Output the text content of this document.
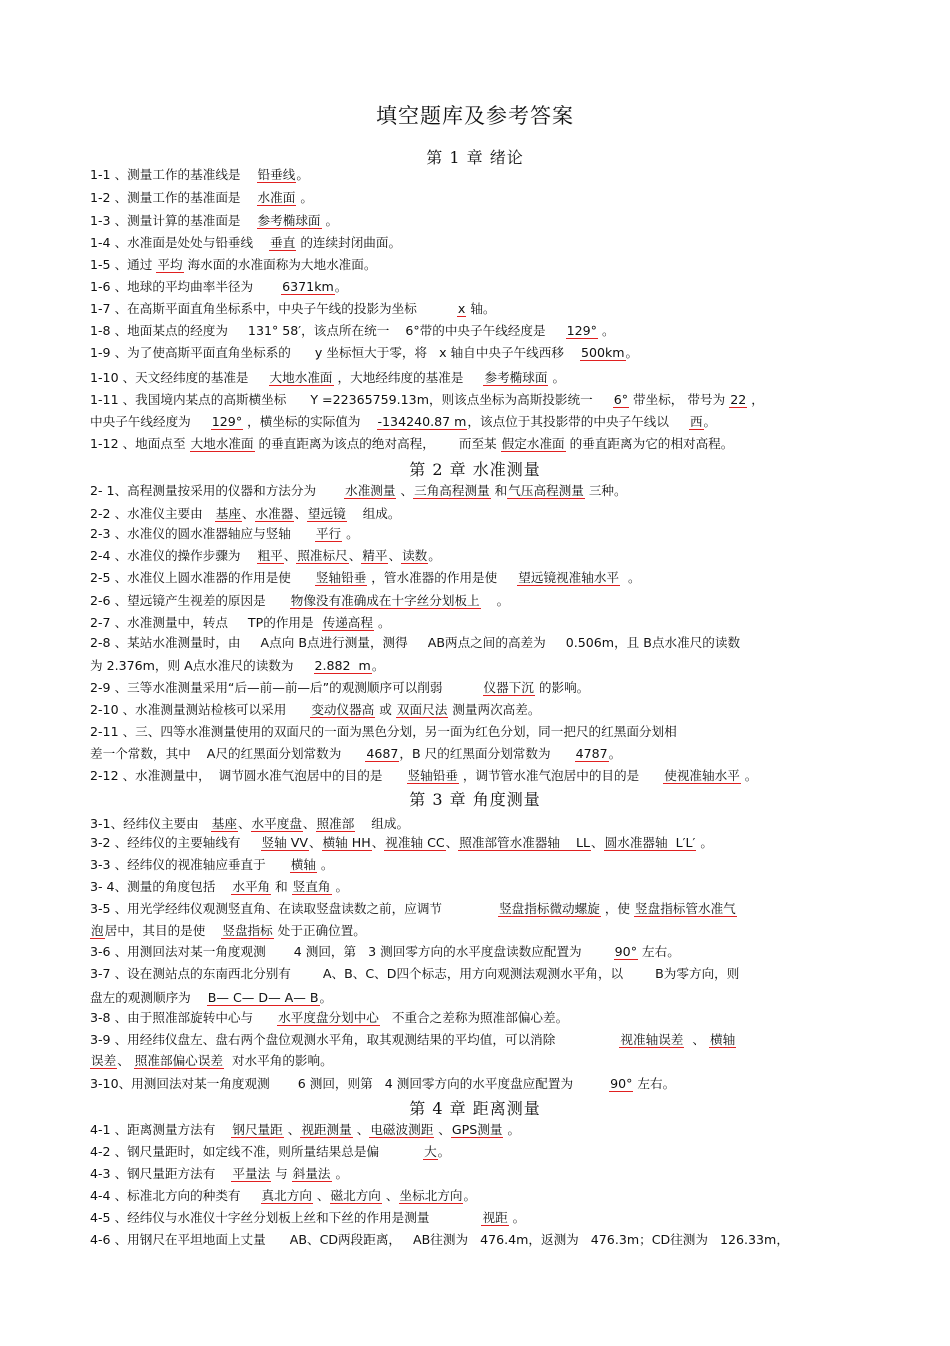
填空题库及参考答案
第 1 章 绪论
第 2 章 水准测量
第 3 章 角度测量
第 4 章 距离测量
1-1 、测量工作的基准线是    铅垂线。
1-2 、测量工作的基准面是    水准面 。
1-3 、测量计算的基准面是    参考椭球面 。
1-4 、水准面是处处与铅垂线    垂直 的连续封闭曲面。
1-5 、通过 平均 海水面的水准面称为大地水准面。
1-6 、地球的平均曲率半径为       6371km。
1-7 、在高斯平面直角坐标系中，中央子午线的投影为坐标          x 轴。
1-8 、地面某点的经度为     131° 58′，该点所在统一    6°带的中央子午线经度是     129° 。
1-9 、为了使高斯平面直角坐标系的      y 坐标恒大于零，将   x 轴自中央子午线西移    500km。
1-10 、天文经纬度的基准是     大地水准面 ，大地经纬度的基准是     参考椭球面 。
1-11 、我国境内某点的高斯横坐标      Y =22365759.13m，则该点坐标为高斯投影统一     6° 带坐标， 带号为 22 ，
中央子午线经度为     129° ，横坐标的实际值为    -134240.87 m，该点位于其投影带的中央子午线以     西。
1-12 、地面点至 大地水准面 的垂直距离为该点的绝对高程，      而至某 假定水准面 的垂直距离为它的相对高程。
2- 1、高程测量按采用的仪器和方法分为       水准测量 、三角高程测量 和气压高程测量 三种。
2-2 、水准仪主要由   基座、水准器、望远镜    组成。
2-3 、水准仪的圆水准器轴应与竖轴      平行 。
2-4 、水准仪的操作步骤为    粗平、照准标尺、精平、读数。
2-5 、水准仪上圆水准器的作用是使      竖轴铅垂 ，管水准器的作用是使     望远镜视准轴水平  。
2-6 、望远镜产生视差的原因是      物像没有准确成在十字丝分划板上    。
2-7 、水准测量中，转点     TP的作用是  传递高程 。
2-8 、某站水准测量时，由     A点向 B点进行测量，测得     AB两点之间的高差为     0.506m，且 B点水准尺的读数
为 2.376m，则 A点水准尺的读数为     2.882  m。
2-9 、三等水准测量采用“后—前—前—后”的观测顺序可以削弱          仪器下沉 的影响。
2-10 、水准测量测站检核可以采用      变动仪器高 或 双面尺法 测量两次高差。
2-11 、三、四等水准测量使用的双面尺的一面为黑色分划，另一面为红色分划，同一把尺的红黑面分划相
差一个常数，其中    A尺的红黑面分划常数为      4687，B 尺的红黑面分划常数为      4787。
2-12 、水准测量中，  调节圆水准气泡居中的目的是      竖轴铅垂 ，调节管水准气泡居中的目的是      使视准轴水平 。
3-1、经纬仪主要由   基座、水平度盘、照准部    组成。
3-2 、经纬仪的主要轴线有     竖轴 VV、横轴 HH、视准轴 CC、照准部管水准器轴    LL、圆水准器轴  L′L′ 。
3-3 、经纬仪的视准轴应垂直于      横轴 。
3- 4、测量的角度包括    水平角 和 竖直角 。
3-5 、用光学经纬仪观测竖直角、在读取竖盘读数之前，应调节              竖盘指标微动螺旋 ，使 竖盘指标管水准气
泡居中，其目的是使    竖盘指标 处于正确位置。
3-6 、用测回法对某一角度观测       4 测回，第   3 测回零方向的水平度盘读数应配置为        90° 左右。
3-7 、设在测站点的东南西北分别有        A、B、C、D四个标志，用方向观测法观测水平角，以        B为零方向，则
盘左的观测顺序为    B— C— D— A— B。
3-8 、由于照准部旋转中心与      水平度盘分划中心   不重合之差称为照准部偏心差。
3-9 、用经纬仪盘左、盘右两个盘位观测水平角，取其观测结果的平均值，可以消除                视准轴误差  、 横轴
误差、 照准部偏心误差  对水平角的影响。
3-10、用测回法对某一角度观测       6 测回，则第   4 测回零方向的水平度盘应配置为         90° 左右。
4-1 、距离测量方法有    钢尺量距 、视距测量 、电磁波测距 、GPS测量 。
4-2 、钢尺量距时，如定线不准，则所量结果总是偏           大。
4-3 、钢尺量距方法有    平量法 与 斜量法 。
4-4 、标准北方向的种类有     真北方向 、磁北方向 、坐标北方向。
4-5 、经纬仪与水准仪十字丝分划板上丝和下丝的作用是测量             视距 。
4-6 、用钢尺在平坦地面上丈量      AB、CD两段距离，   AB往测为   476.4m，返测为   476.3m；CD往测为   126.33m，
